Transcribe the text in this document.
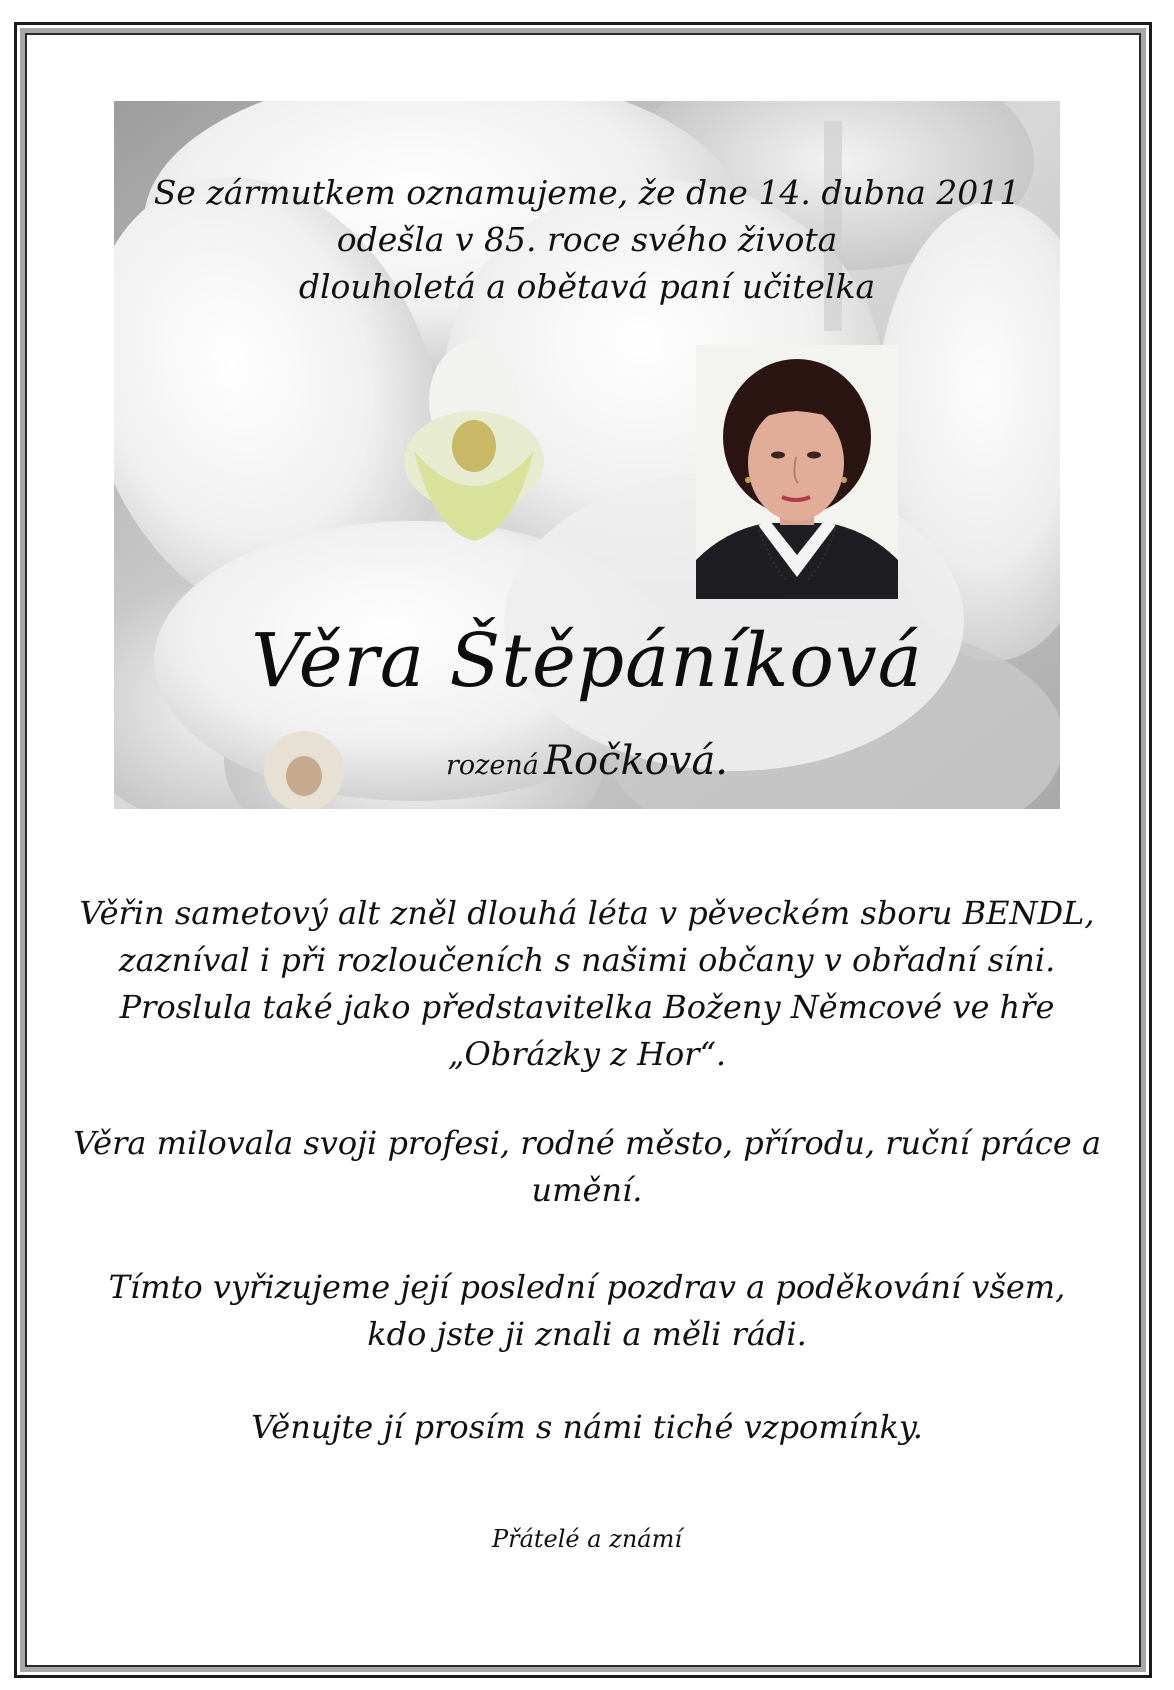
Se zármutkem oznamujeme, že dne 14. dubna 2011
odešla v 85. roce svého života
dlouholetá a obětavá paní učitelka
Věra Štěpáníková
rozená Ročková.
Věřin sametový alt zněl dlouhá léta v pěveckém sboru BENDL,
zazníval i při rozloučeních s našimi občany v obřadní síni.
Proslula také jako představitelka Boženy Němcové ve hře
„Obrázky z Hor“.
Věra milovala svoji profesi, rodné město, přírodu, ruční práce a
umění.
Tímto vyřizujeme její poslední pozdrav a poděkování všem,
kdo jste ji znali a měli rádi.
Věnujte jí prosím s námi tiché vzpomínky.
Přátelé a známí
